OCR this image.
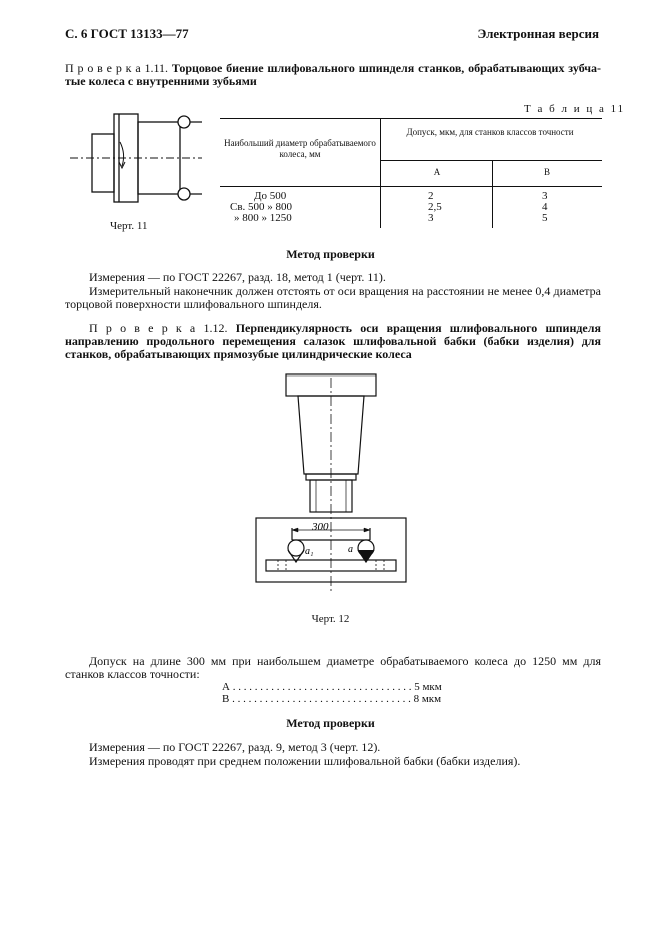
С. 6 ГОСТ 13133—77	Электронная версия
П р о в е р к а 1.11. Торцовое биение шлифовального шпинделя станков, обрабатывающих зубча-тые колеса с внутренними зубьями
Черт. 11
Т а б л и ц а 11
Наибольший диаметр обрабатываемого колеса, мм
Допуск, мкм, для станков классов точности
А	В
До 500	2	3
Св. 500 » 800	2,5	4
» 800 » 1250	3	5
Метод проверки
Измерения — по ГОСТ 22267, разд. 18, метод 1 (черт. 11).
Измерительный наконечник должен отстоять от оси вращения на расстоянии не менее 0,4 диаметра торцовой поверхности шлифовального шпинделя.
П р о в е р к а 1.12. Перпендикулярность оси вращения шлифовального шпинделя направлению продольного перемещения салазок шлифовальной бабки (бабки изделия) для станков, обрабатывающих прямозубые цилиндрические колеса
300
a₁	a
Черт. 12
Допуск на длине 300 мм при наибольшем диаметре обрабатываемого колеса до 1250 мм для станков классов точности:
А . . . . . . . . . . . . . . . . . . . . . . . . . . . . . . . . . 5 мкм
В . . . . . . . . . . . . . . . . . . . . . . . . . . . . . . . . . 8 мкм
Метод проверки
Измерения — по ГОСТ 22267, разд. 9, метод 3 (черт. 12).
Измерения проводят при среднем положении шлифовальной бабки (бабки изделия).
